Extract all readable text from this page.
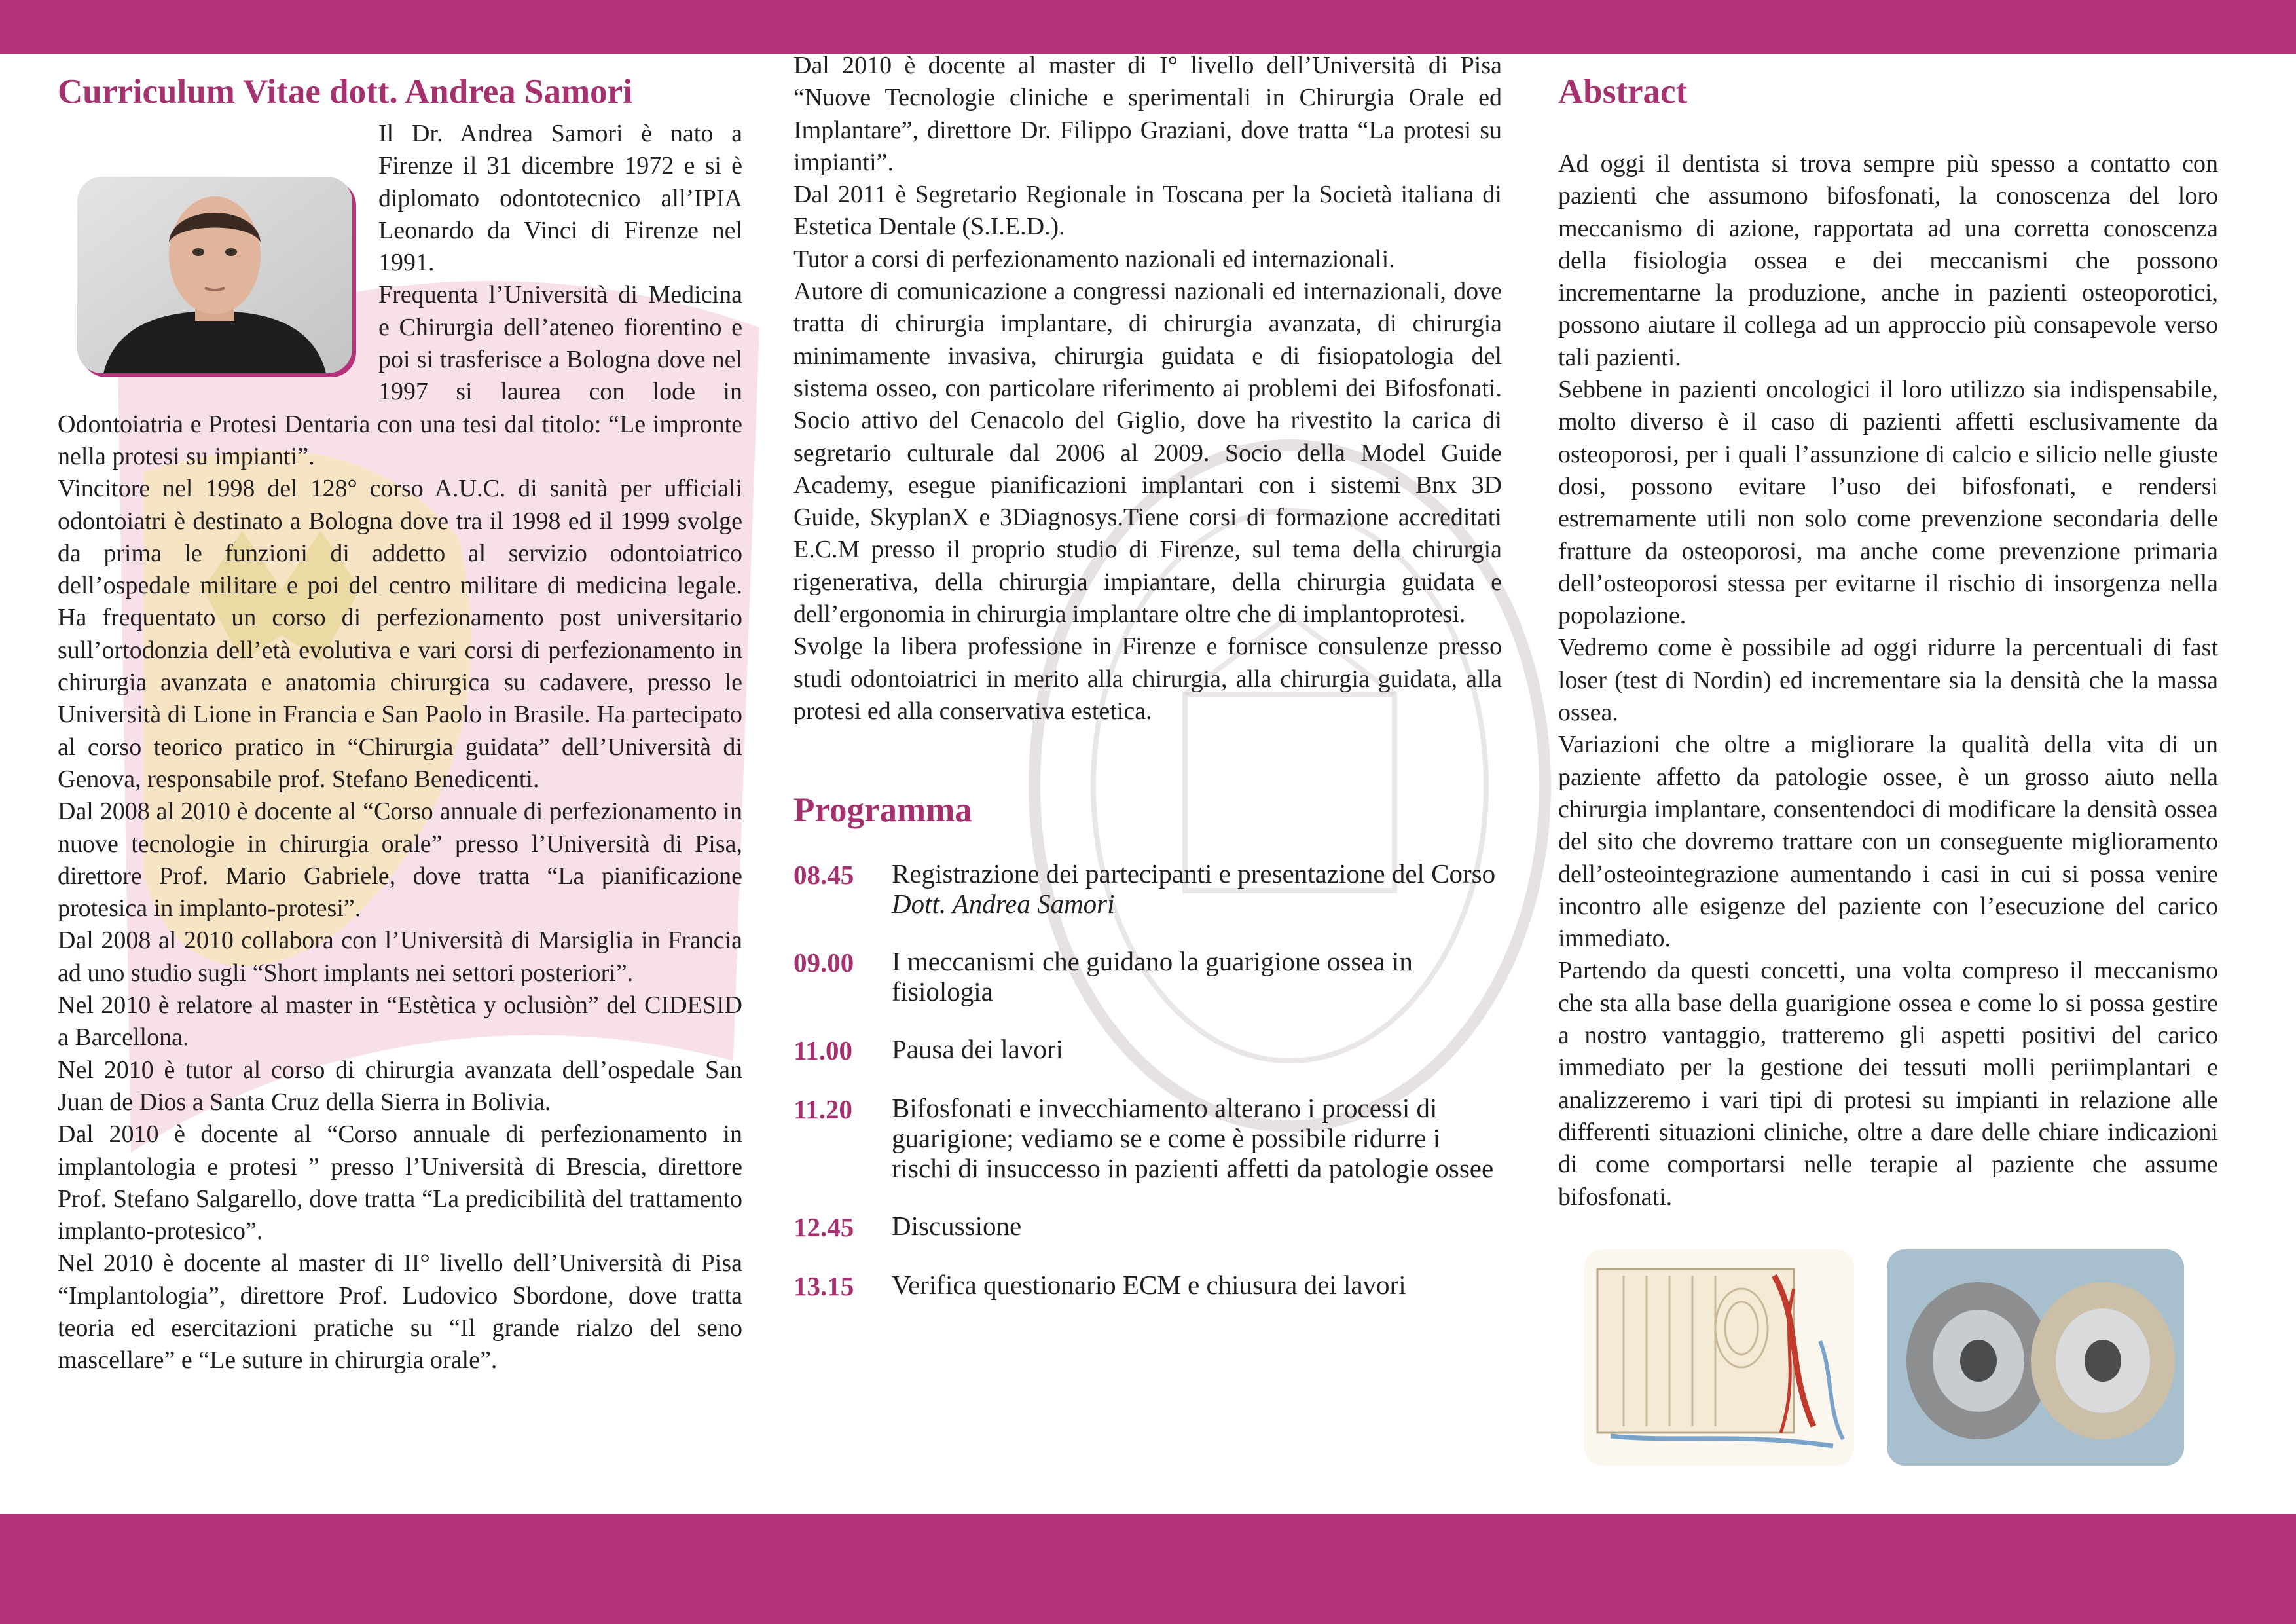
Curriculum Vitae dott. Andrea Samori

Il Dr. Andrea Samori è nato a Firenze il 31 dicembre 1972 e si è diplomato odontotecnico all’IPIA Leonardo da Vinci di Firenze nel 1991.

Frequenta l’Università di Medicina e Chirurgia dell’ateneo fiorentino e poi si trasferisce a Bologna dove nel 1997 si laurea con lode in Odontoiatria e Protesi Dentaria con una tesi dal titolo: “Le impronte nella protesi su impianti”.

Vincitore nel 1998 del 128° corso A.U.C. di sanità per ufficiali odontoiatri è destinato a Bologna dove tra il 1998 ed il 1999 svolge da prima le funzioni di addetto al servizio odontoiatrico dell’ospedale militare e poi del centro militare di medicina legale. Ha frequentato un corso di perfezionamento post universitario sull’ortodonzia dell’età evolutiva e vari corsi di perfezionamento in chirurgia avanzata e anatomia chirurgica su cadavere, presso le Università di Lione in Francia e San Paolo in Brasile. Ha partecipato al corso teorico pratico in “Chirurgia guidata” dell’Università di Genova, responsabile prof. Stefano Benedicenti.

Dal 2008 al 2010 è docente al “Corso annuale di perfezionamento in nuove tecnologie in chirurgia orale” presso l’Università di Pisa, direttore Prof. Mario Gabriele, dove tratta “La pianificazione protesica in implanto-protesi”.

Dal 2008 al 2010 collabora con l’Università di Marsiglia in Francia ad uno studio sugli “Short implants nei settori posteriori”.

Nel 2010 è relatore al master in “Estètica y oclusiòn” del CIDESID a Barcellona.

Nel 2010 è tutor al corso di chirurgia avanzata dell’ospedale San Juan de Dios a Santa Cruz della Sierra in Bolivia.

Dal 2010 è docente al “Corso annuale di perfezionamento in implantologia e protesi ” presso l’Università di Brescia, direttore Prof. Stefano Salgarello, dove tratta “La predicibilità del trattamento implanto-protesico”.

Nel 2010 è docente al master di II° livello dell’Università di Pisa “Implantologia”, direttore Prof. Ludovico Sbordone, dove tratta teoria ed esercitazioni pratiche su “Il grande rialzo del seno mascellare” e “Le suture in chirurgia orale”.

Dal 2010 è docente al master di I° livello dell’Università di Pisa “Nuove Tecnologie cliniche e sperimentali in Chirurgia Orale ed Implantare”, direttore Dr. Filippo Graziani, dove tratta “La protesi su impianti”.

Dal 2011 è Segretario Regionale in Toscana per la Società italiana di Estetica Dentale (S.I.E.D.).

Tutor a corsi di perfezionamento nazionali ed internazionali.

Autore di comunicazione a congressi nazionali ed internazionali, dove tratta di chirurgia implantare, di chirurgia avanzata, di chirurgia minimamente invasiva, chirurgia guidata e di fisiopatologia del sistema osseo, con particolare riferimento ai problemi dei Bifosfonati. Socio attivo del Cenacolo del Giglio, dove ha rivestito la carica di segretario culturale dal 2006 al 2009. Socio della Model Guide Academy, esegue pianificazioni implantari con i sistemi Bnx 3D Guide, SkyplanX e 3Diagnosys.Tiene corsi di formazione accreditati E.C.M presso il proprio studio di Firenze, sul tema della chirurgia rigenerativa, della chirurgia impiantare, della chirurgia guidata e dell’ergonomia in chirurgia implantare oltre che di implantoprotesi.

Svolge la libera professione in Firenze e fornisce consulenze presso studi odontoiatrici in merito alla chirurgia, alla chirurgia guidata, alla protesi ed alla conservativa estetica.

Programma
08.45	Registrazione dei partecipanti e presentazione del Corso
Dott. Andrea Samori
09.00	I meccanismi che guidano la guarigione ossea in fisiologia
11.00	Pausa dei lavori
11.20	Bifosfonati e invecchiamento alterano i processi di guarigione; vediamo se e come è possibile ridurre i rischi di insuccesso in pazienti affetti da patologie ossee
12.45	Discussione
13.15	Verifica questionario ECM e chiusura dei lavori
Abstract

Ad oggi il dentista si trova sempre più spesso a contatto con pazienti che assumono bifosfonati, la conoscenza del loro meccanismo di azione, rapportata ad una corretta conoscenza della fisiologia ossea e dei meccanismi che possono incrementarne la produzione, anche in pazienti osteoporotici, possono aiutare il collega ad un approccio più consapevole verso tali pazienti.

Sebbene in pazienti oncologici il loro utilizzo sia indispensabile, molto diverso è il caso di pazienti affetti esclusivamente da osteoporosi, per i quali l’assunzione di calcio e silicio nelle giuste dosi, possono evitare l’uso dei bifosfonati, e rendersi estremamente utili non solo come prevenzione secondaria delle fratture da osteoporosi, ma anche come prevenzione primaria dell’osteoporosi stessa per evitarne il rischio di insorgenza nella popolazione.

Vedremo come è possibile ad oggi ridurre la percentuali di fast loser (test di Nordin) ed incrementare sia la densità che la massa ossea.

Variazioni che oltre a migliorare la qualità della vita di un paziente affetto da patologie ossee, è un grosso aiuto nella chirurgia implantare, consentendoci di modificare la densità ossea del sito che dovremo trattare con un conseguente miglioramento dell’osteointegrazione aumentando i casi in cui si possa venire incontro alle esigenze del paziente con l’esecuzione del carico immediato.

Partendo da questi concetti, una volta compreso il meccanismo che sta alla base della guarigione ossea e come lo si possa gestire a nostro vantaggio, tratteremo gli aspetti positivi del carico immediato per la gestione dei tessuti molli periimplantari e analizzeremo i vari tipi di protesi su impianti in relazione alle differenti situazioni cliniche, oltre a dare delle chiare indicazioni di come comportarsi nelle terapie al paziente che assume bifosfonati.
